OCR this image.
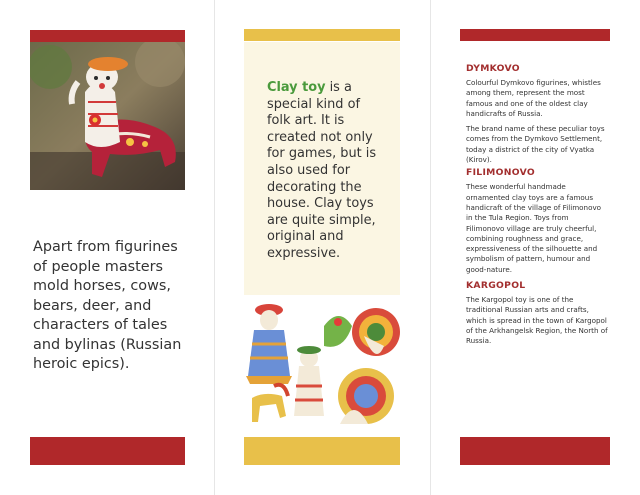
Apart from figurines of people masters mold horses, cows, bears, deer, and characters of tales and bylinas (Russian heroic epics).
Clay toy is a special kind of folk art. It is created not only for games, but is also used for decorating the house. Clay toys are quite simple, original and expressive.
DYMKOVO

Colourful Dymkovo figurines, whistles among them, represent the most famous and one of the oldest clay handicrafts of Russia.

The brand name of these peculiar toys comes from the Dymkovo Settlement, today a district of the city of Vyatka (Kirov).

FILIMONOVO

These wonderful handmade ornamented clay toys are a famous handicraft of the village of Filimonovo in the Tula Region. Toys from Filimonovo village are truly cheerful, combining roughness and grace, expressiveness of the silhouette and symbolism of pattern, humour and good-nature.

KARGOPOL

The Kargopol toy is one of the traditional Russian arts and crafts, which is spread in the town of Kargopol of the Arkhangelsk Region, the North of Russia.
